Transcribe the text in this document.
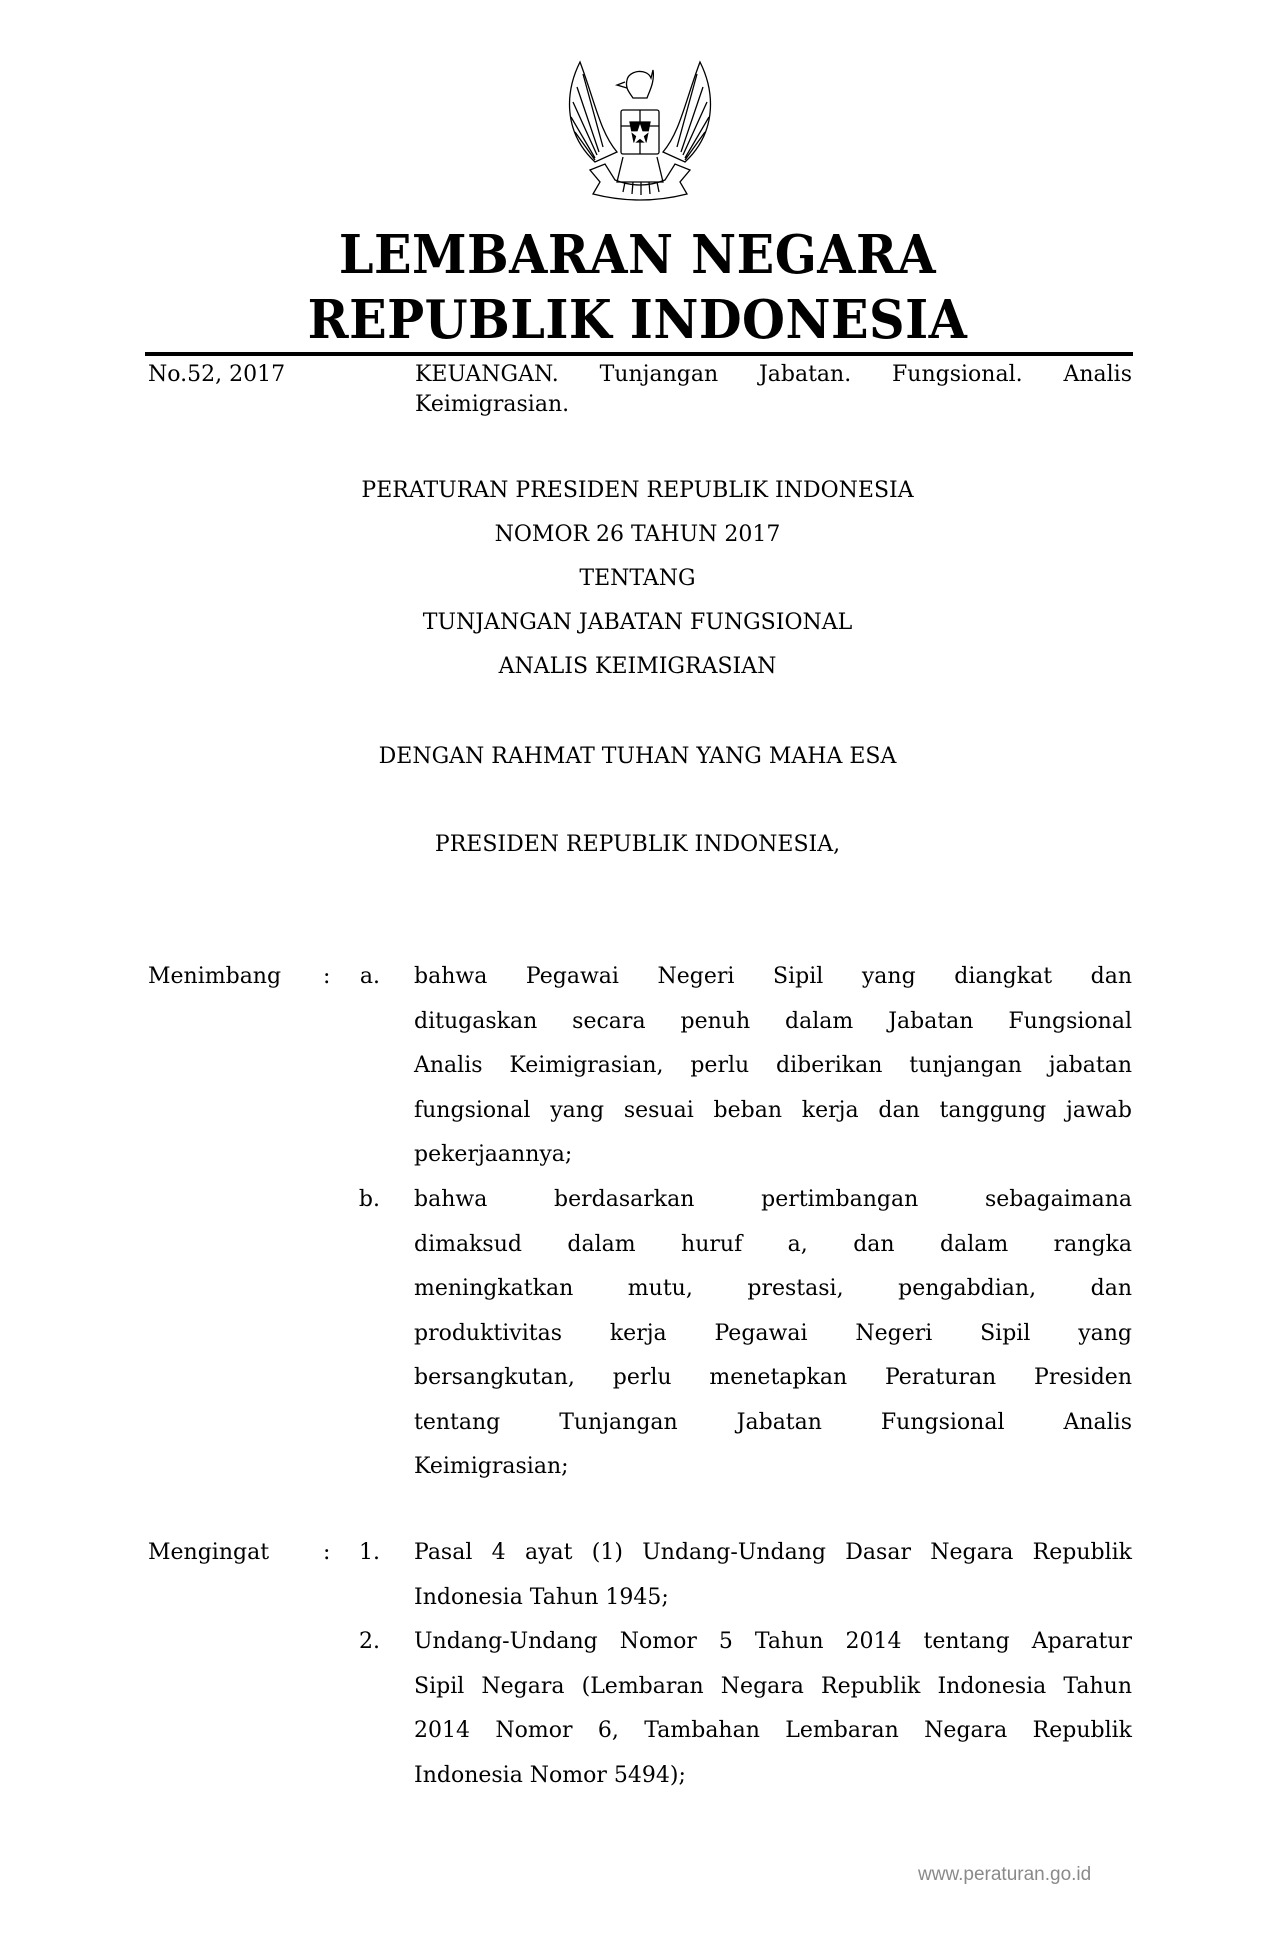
LEMBARAN NEGARA
REPUBLIK INDONESIA
No.52, 2017	KEUANGAN. Tunjangan Jabatan. Fungsional. Analis
Keimigrasian.
PERATURAN PRESIDEN REPUBLIK INDONESIA
NOMOR 26 TAHUN 2017
TENTANG
TUNJANGAN JABATAN FUNGSIONAL
ANALIS KEIMIGRASIAN
DENGAN RAHMAT TUHAN YANG MAHA ESA
PRESIDEN REPUBLIK INDONESIA,
Menimbang :	a. bahwa Pegawai Negeri Sipil yang diangkat dan
ditugaskan secara penuh dalam Jabatan Fungsional
Analis Keimigrasian, perlu diberikan tunjangan jabatan
fungsional yang sesuai beban kerja dan tanggung jawab
pekerjaannya;
b. bahwa berdasarkan pertimbangan sebagaimana
dimaksud dalam huruf a, dan dalam rangka
meningkatkan mutu, prestasi, pengabdian, dan
produktivitas kerja Pegawai Negeri Sipil yang
bersangkutan, perlu menetapkan Peraturan Presiden
tentang Tunjangan Jabatan Fungsional Analis
Keimigrasian;
Mengingat :	1. Pasal 4 ayat (1) Undang-Undang Dasar Negara Republik
Indonesia Tahun 1945;
2. Undang-Undang Nomor 5 Tahun 2014 tentang Aparatur
Sipil Negara (Lembaran Negara Republik Indonesia Tahun
2014 Nomor 6, Tambahan Lembaran Negara Republik
Indonesia Nomor 5494);
www.peraturan.go.id
